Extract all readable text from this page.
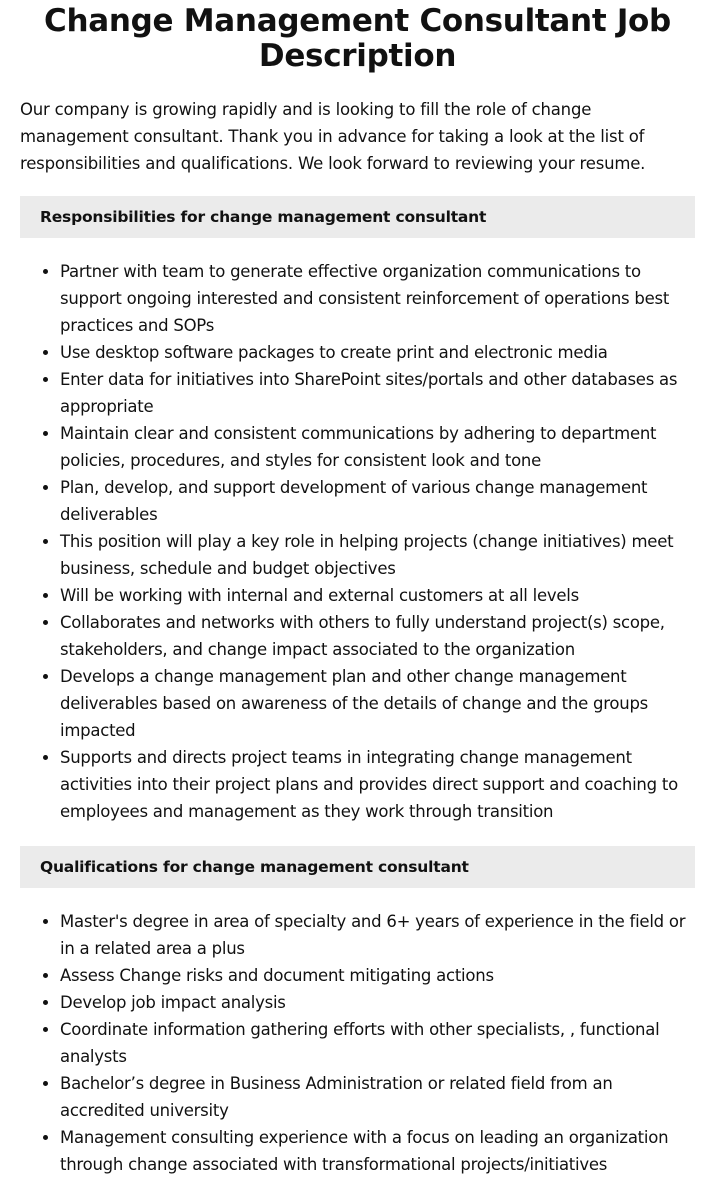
Change Management Consultant Job Description

Our company is growing rapidly and is looking to fill the role of change management consultant. Thank you in advance for taking a look at the list of responsibilities and qualifications. We look forward to reviewing your resume.

Responsibilities for change management consultant
• Partner with team to generate effective organization communications to support ongoing interested and consistent reinforcement of operations best practices and SOPs
• Use desktop software packages to create print and electronic media
• Enter data for initiatives into SharePoint sites/portals and other databases as appropriate
• Maintain clear and consistent communications by adhering to department policies, procedures, and styles for consistent look and tone
• Plan, develop, and support development of various change management deliverables
• This position will play a key role in helping projects (change initiatives) meet business, schedule and budget objectives
• Will be working with internal and external customers at all levels
• Collaborates and networks with others to fully understand project(s) scope, stakeholders, and change impact associated to the organization
• Develops a change management plan and other change management deliverables based on awareness of the details of change and the groups impacted
• Supports and directs project teams in integrating change management activities into their project plans and provides direct support and coaching to employees and management as they work through transition
Qualifications for change management consultant
• Master's degree in area of specialty and 6+ years of experience in the field or in a related area a plus
• Assess Change risks and document mitigating actions
• Develop job impact analysis
• Coordinate information gathering efforts with other specialists, , functional analysts
• Bachelor’s degree in Business Administration or related field from an accredited university
• Management consulting experience with a focus on leading an organization through change associated with transformational projects/initiatives
